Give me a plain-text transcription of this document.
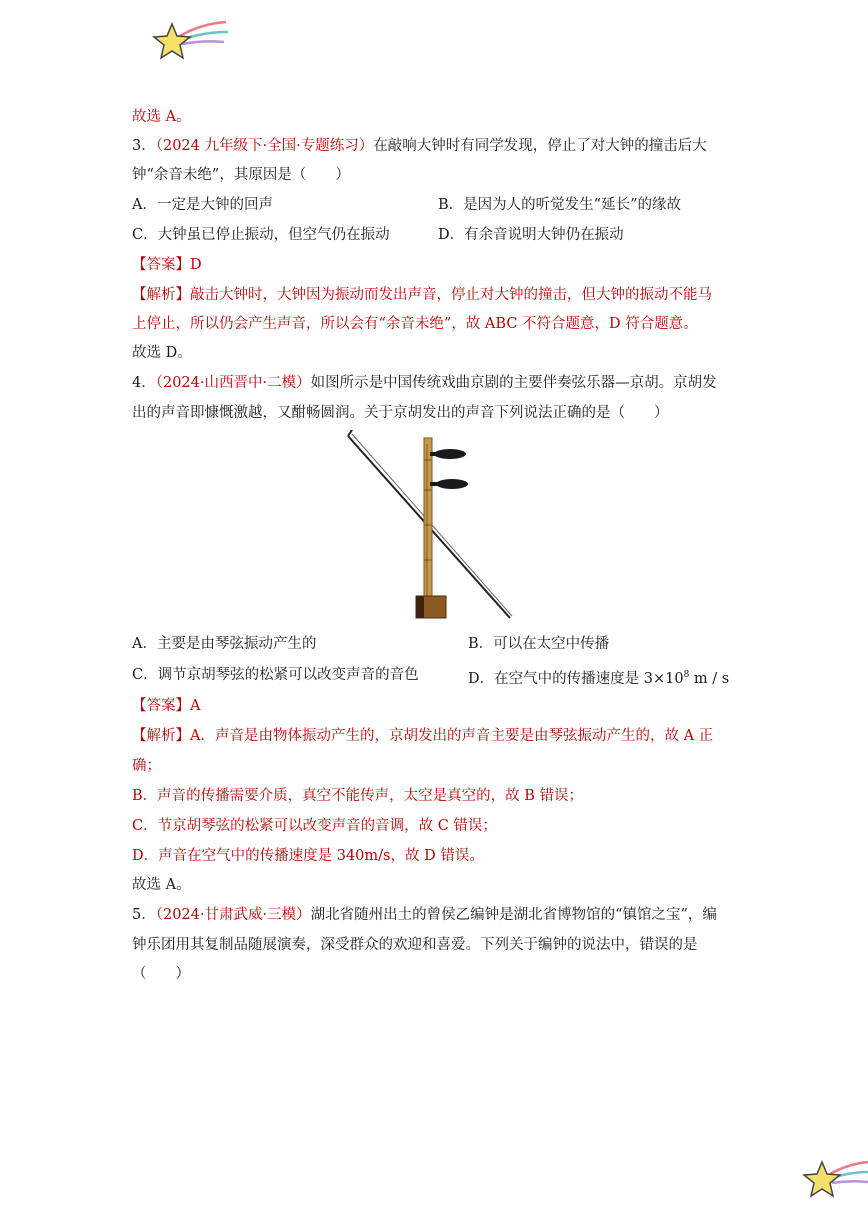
故选 A。
3．（2024 九年级下·全国·专题练习）在敲响大钟时有同学发现，停止了对大钟的撞击后大
钟“余音未绝”，其原因是（　　）
A．一定是大钟的回声	B．是因为人的听觉发生“延长”的缘故
C．大钟虽已停止振动，但空气仍在振动	D．有余音说明大钟仍在振动
【答案】D
【解析】敲击大钟时，大钟因为振动而发出声音，停止对大钟的撞击，但大钟的振动不能马
上停止，所以仍会产生声音，所以会有“余音未绝”，故 ABC 不符合题意，D 符合题意。
故选 D。
4．（2024·山西晋中·二模）如图所示是中国传统戏曲京剧的主要伴奏弦乐器—京胡。京胡发
出的声音即慷慨激越，又酣畅圆润。关于京胡发出的声音下列说法正确的是（　　）
A．主要是由琴弦振动产生的	B．可以在太空中传播
C．调节京胡琴弦的松紧可以改变声音的音色	D．在空气中的传播速度是 $3\times 10^8$ m / s
【答案】A
【解析】A．声音是由物体振动产生的，京胡发出的声音主要是由琴弦振动产生的，故 A 正
确；
B．声音的传播需要介质，真空不能传声，太空是真空的，故 B 错误；
C．节京胡琴弦的松紧可以改变声音的音调，故 C 错误；
D．声音在空气中的传播速度是 340m/s，故 D 错误。
故选 A。
5．（2024·甘肃武威·三模）湖北省随州出土的曾侯乙编钟是湖北省博物馆的“镇馆之宝”，编
钟乐团用其复制品随展演奏，深受群众的欢迎和喜爱。下列关于编钟的说法中，错误的是
（　　）
